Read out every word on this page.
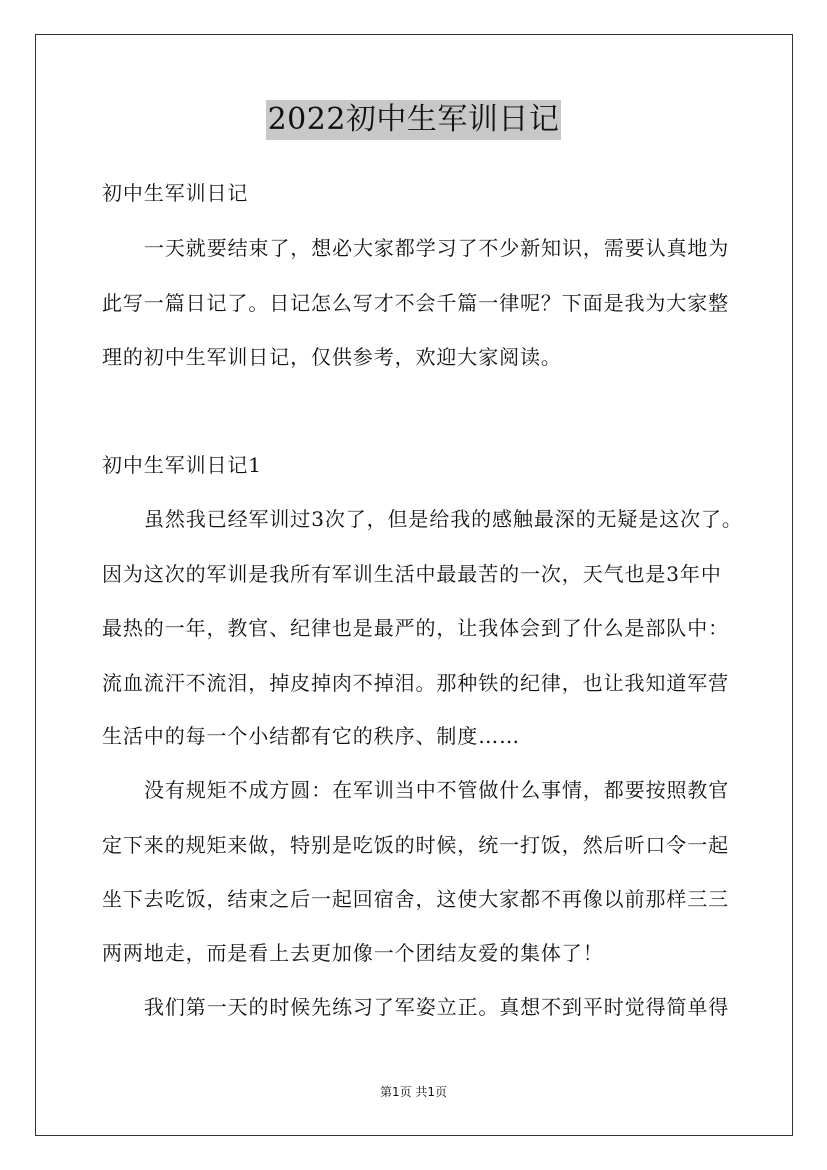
2022初中生军训日记
初中生军训日记
一天就要结束了，想必大家都学习了不少新知识，需要认真地为
此写一篇日记了。日记怎么写才不会千篇一律呢？下面是我为大家整
理的初中生军训日记，仅供参考，欢迎大家阅读。
初中生军训日记1
虽然我已经军训过3次了，但是给我的感触最深的无疑是这次了。
因为这次的军训是我所有军训生活中最最苦的一次，天气也是3年中
最热的一年，教官、纪律也是最严的，让我体会到了什么是部队中：
流血流汗不流泪，掉皮掉肉不掉泪。那种铁的纪律，也让我知道军营
生活中的每一个小结都有它的秩序、制度……
没有规矩不成方圆：在军训当中不管做什么事情，都要按照教官
定下来的规矩来做，特别是吃饭的时候，统一打饭，然后听口令一起
坐下去吃饭，结束之后一起回宿舍，这使大家都不再像以前那样三三
两两地走，而是看上去更加像一个团结友爱的集体了！
我们第一天的时候先练习了军姿立正。真想不到平时觉得简单得
第1页 共1页
